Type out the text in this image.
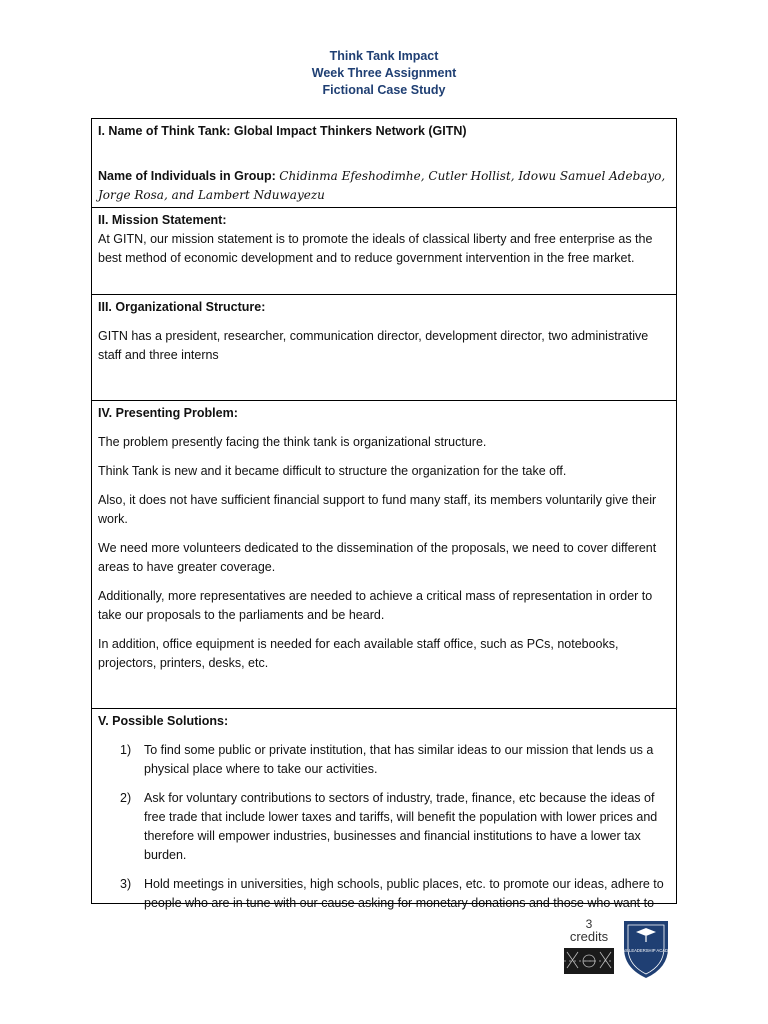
Think Tank Impact
Week Three Assignment
Fictional Case Study
I. Name of Think Tank: Global Impact Thinkers Network (GITN)
Name of Individuals in Group: Chidinma Efeshodimhe, Cutler Hollist, Idowu Samuel Adebayo, Jorge Rosa, and Lambert Nduwayezu
II. Mission Statement:

At GITN, our mission statement is to promote the ideals of classical liberty and free enterprise as the best method of economic development and to reduce government intervention in the free market.

III. Organizational Structure:

GITN has a president, researcher, communication director, development director, two administrative staff and three interns

IV. Presenting Problem:

The problem presently facing the think tank is organizational structure.

Think Tank is new and it became difficult to structure the organization for the take off.

Also, it does not have sufficient financial support to fund many staff, its members voluntarily give their work.

We need more volunteers dedicated to the dissemination of the proposals, we need to cover different areas to have greater coverage.

Additionally, more representatives are needed to achieve a critical mass of representation in order to take our proposals to the parliaments and be heard.

In addition, office equipment is needed for each available staff office, such as PCs, notebooks, projectors, printers, desks, etc.

V. Possible Solutions:
1) To find some public or private institution, that has similar ideas to our mission that lends us a physical place where to take our activities.
2) Ask for voluntary contributions to sectors of industry, trade, finance, etc because the ideas of free trade that include lower taxes and tariffs, will benefit the population with lower prices and therefore will empower industries, businesses and financial institutions to have a lower tax burden.
3) Hold meetings in universities, high schools, public places, etc. to promote our ideas, adhere to people who are in tune with our cause asking for monetary donations and those who want to
3
credits
ATLAS LEADERSHIP ACADEMY
